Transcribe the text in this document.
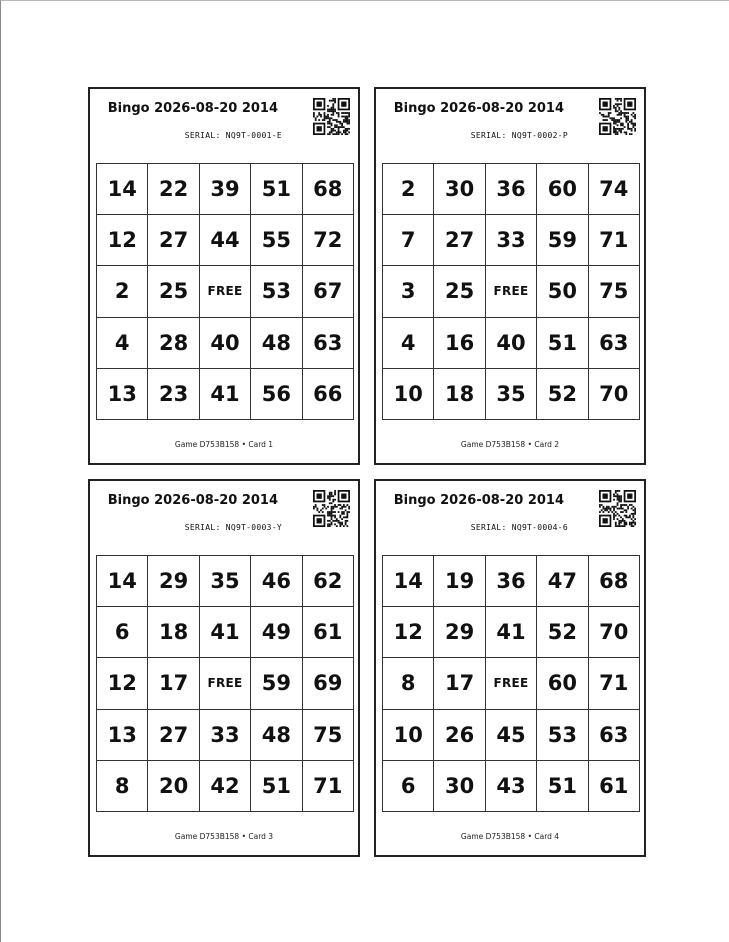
Bingo 2026-08-20 2014
SERIAL: NQ9T-0001-E
14	22	39	51	68
12	27	44	55	72
2	25	FREE	53	67
4	28	40	48	63
13	23	41	56	66
Game D753B158 • Card 1
Bingo 2026-08-20 2014
SERIAL: NQ9T-0002-P
2	30	36	60	74
7	27	33	59	71
3	25	FREE	50	75
4	16	40	51	63
10	18	35	52	70
Game D753B158 • Card 2
Bingo 2026-08-20 2014
SERIAL: NQ9T-0003-Y
14	29	35	46	62
6	18	41	49	61
12	17	FREE	59	69
13	27	33	48	75
8	20	42	51	71
Game D753B158 • Card 3
Bingo 2026-08-20 2014
SERIAL: NQ9T-0004-6
14	19	36	47	68
12	29	41	52	70
8	17	FREE	60	71
10	26	45	53	63
6	30	43	51	61
Game D753B158 • Card 4
